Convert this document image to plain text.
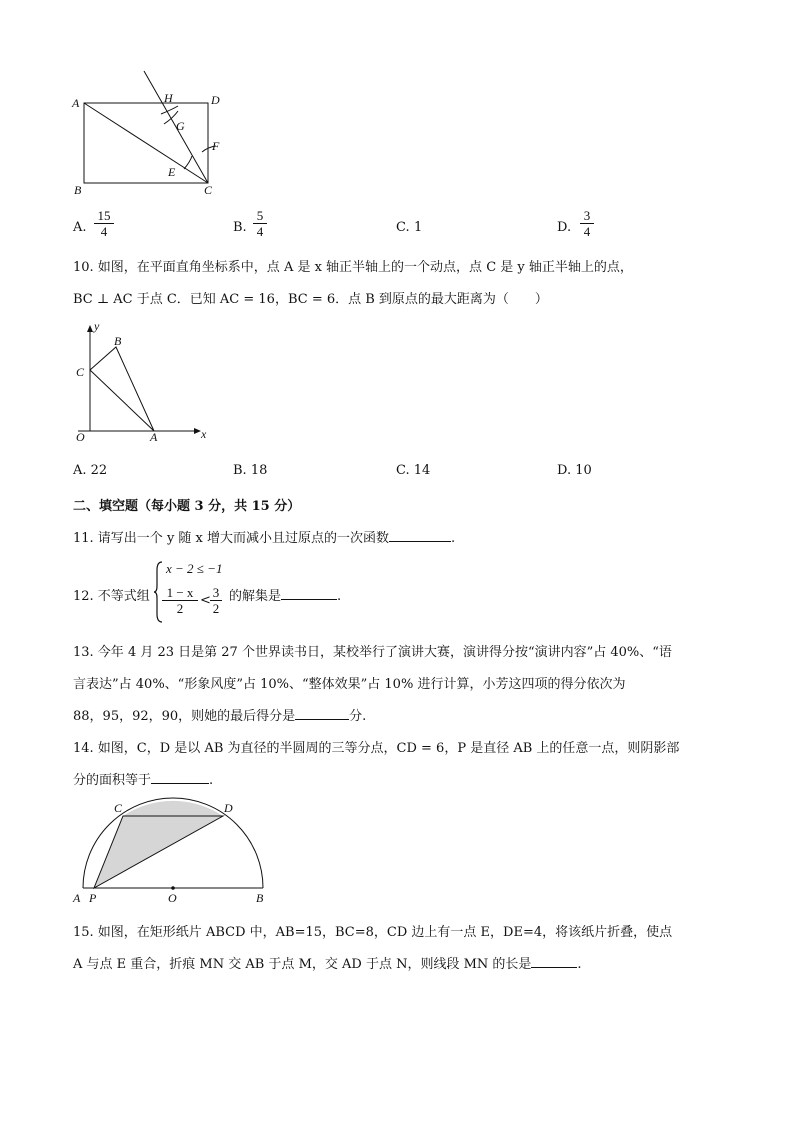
A	D
H
G
F
E
B	C
A. $\frac{15}{4}$	B. $\frac{5}{4}$	C. 1	D. $\frac{3}{4}$
10. 如图，在平面直角坐标系中，点 A 是 x 轴正半轴上的一个动点，点 C 是 y 轴正半轴上的点，
BC ⊥ AC 于点 C．已知 AC = 16，BC = 6．点 B 到原点的最大距离为（　　）
y
x
B
C
O	A
A. 22	B. 18	C. 14	D. 10
二、填空题（每小题 3 分，共 15 分）
11. 请写出一个 y 随 x 增大而减小且过原点的一次函数	.
12. 不等式组
x − 2 ≤ −1
$\frac{1 - x}{2} < \frac{3}{2}$ 的解集是	.
13. 今年 4 月 23 日是第 27 个世界读书日，某校举行了演讲大赛，演讲得分按“演讲内容”占 40%、“语
言表达”占 40%、“形象风度”占 10%、“整体效果”占 10% 进行计算，小芳这四项的得分依次为
88，95，92，90，则她的最后得分是	分.
14. 如图，C，D 是以 AB 为直径的半圆周的三等分点，CD = 6，P 是直径 AB 上的任意一点，则阴影部
分的面积等于	.
C	D
A P	O	B
15. 如图，在矩形纸片 ABCD 中，AB=15，BC=8，CD 边上有一点 E，DE=4，将该纸片折叠，使点
A 与点 E 重合，折痕 MN 交 AB 于点 M，交 AD 于点 N，则线段 MN 的长是	.
